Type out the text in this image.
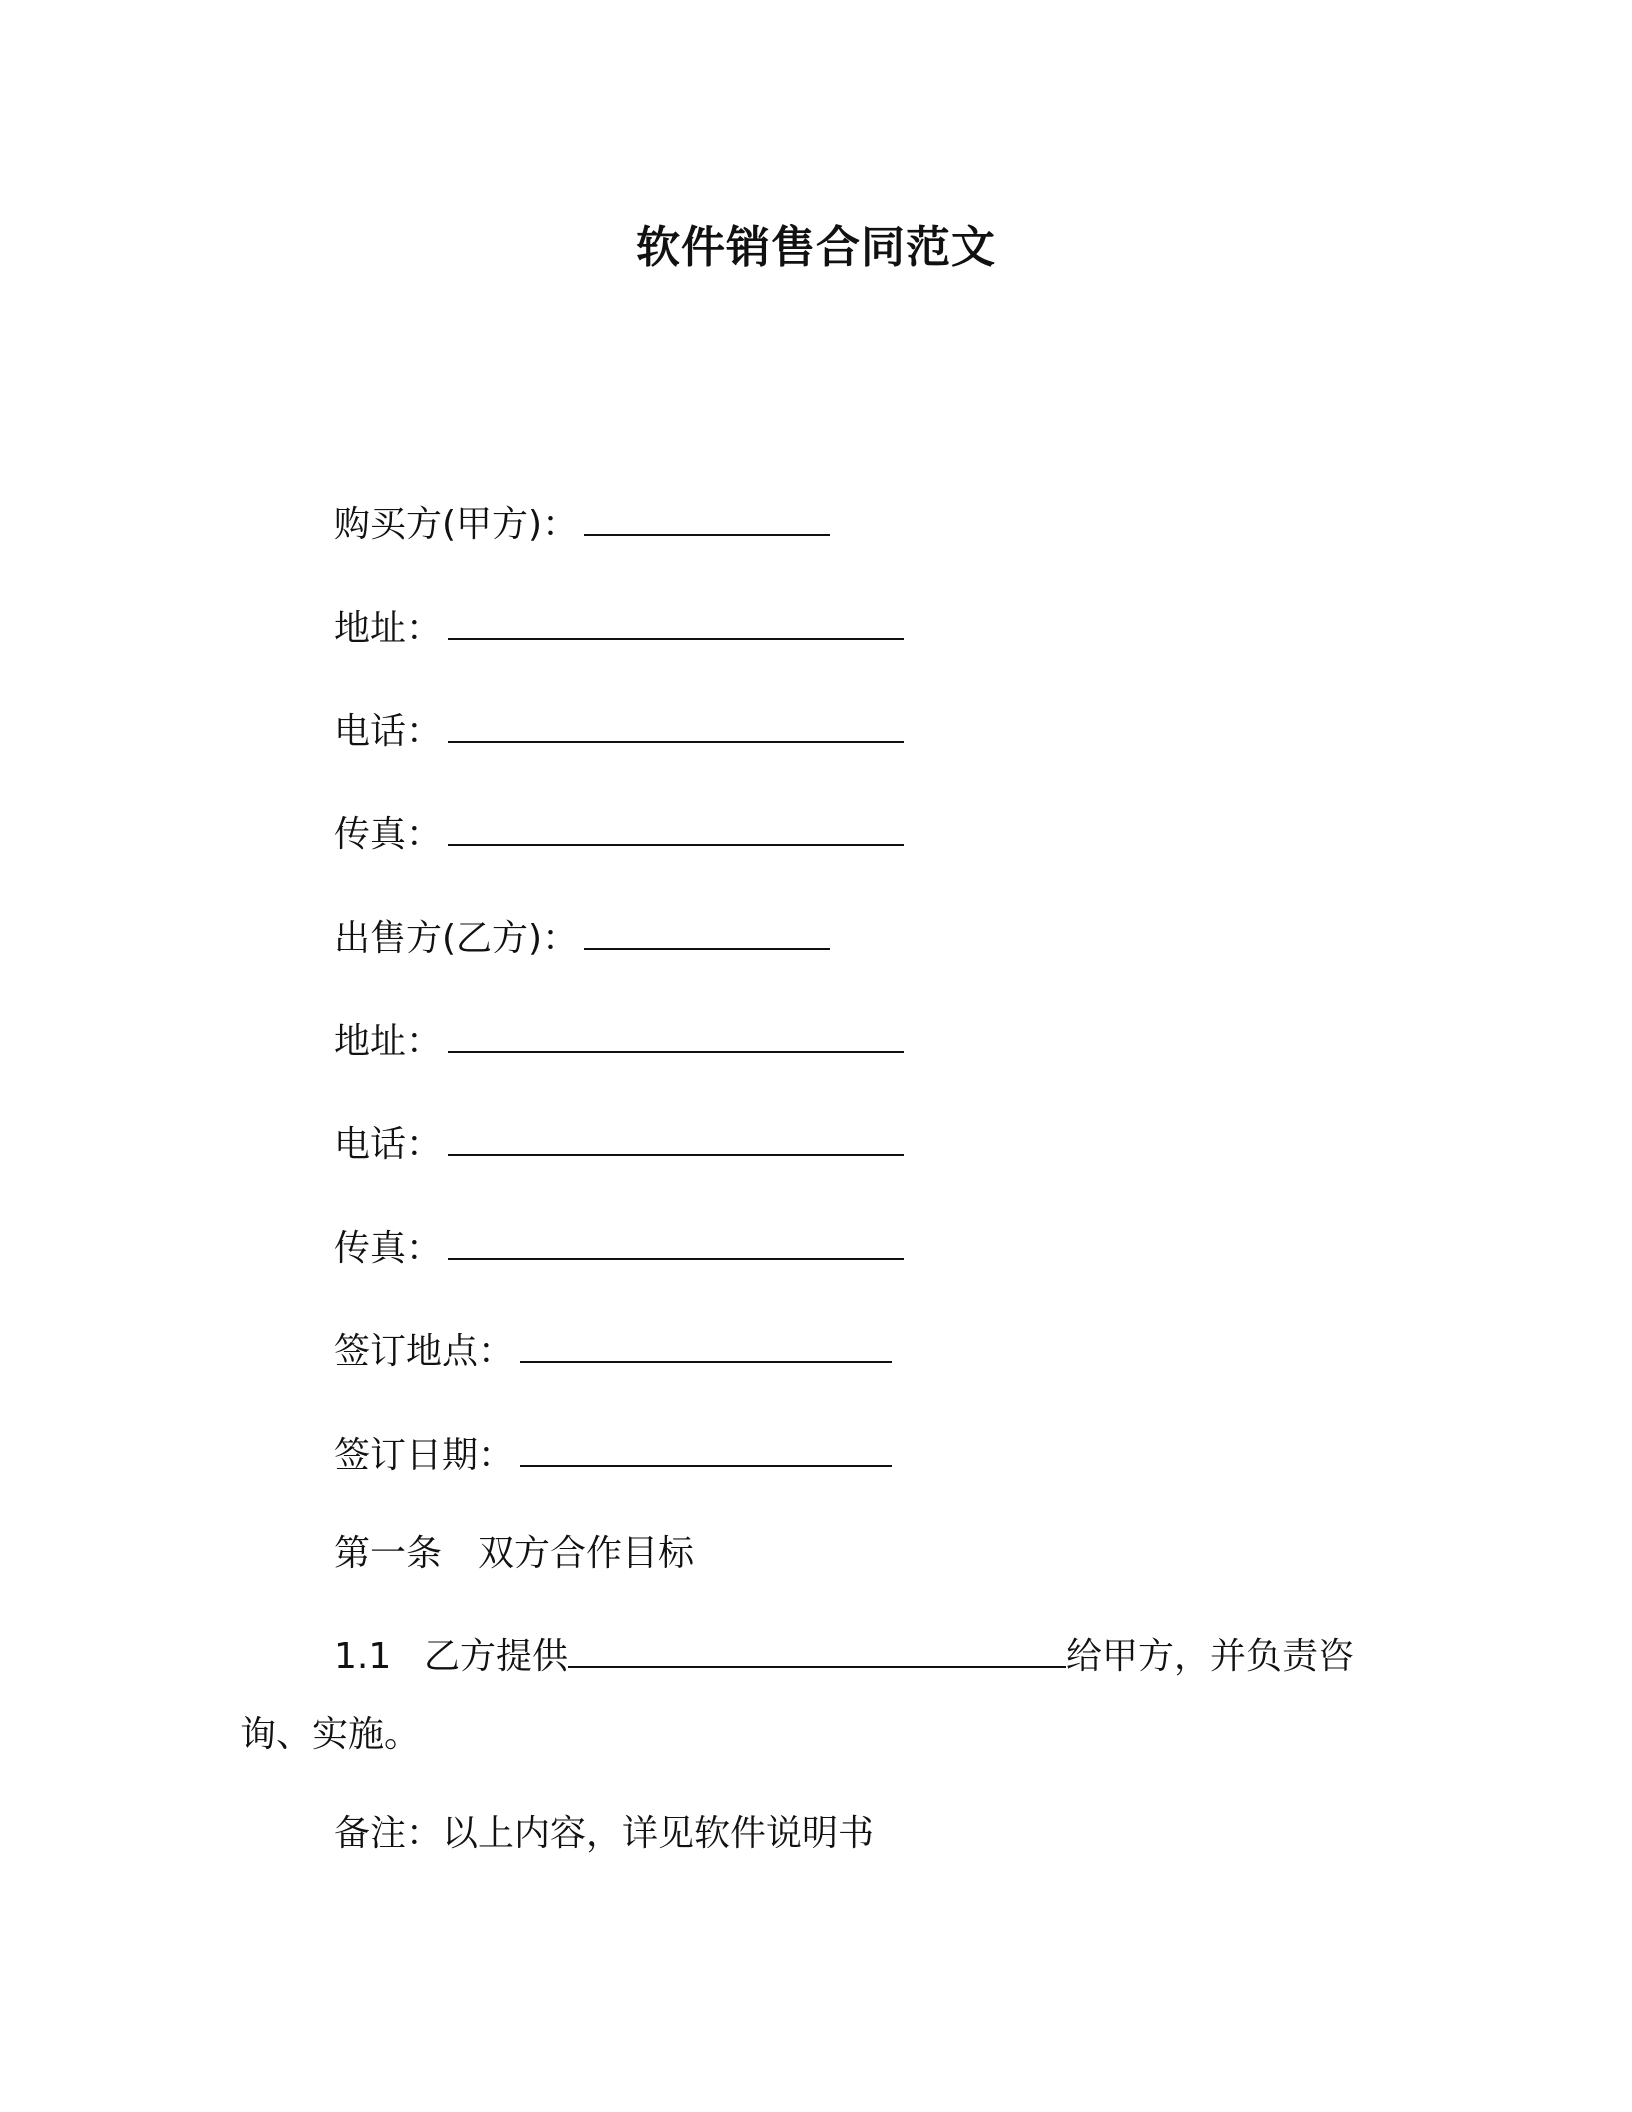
软件销售合同范文
购买方(甲方)：
地址：
电话：
传真：
出售方(乙方)：
地址：
电话：
传真：
签订地点：
签订日期：
第一条 双方合作目标
1.1 乙方提供	给甲方，并负责咨询、实施。
备注：以上内容，详见软件说明书
